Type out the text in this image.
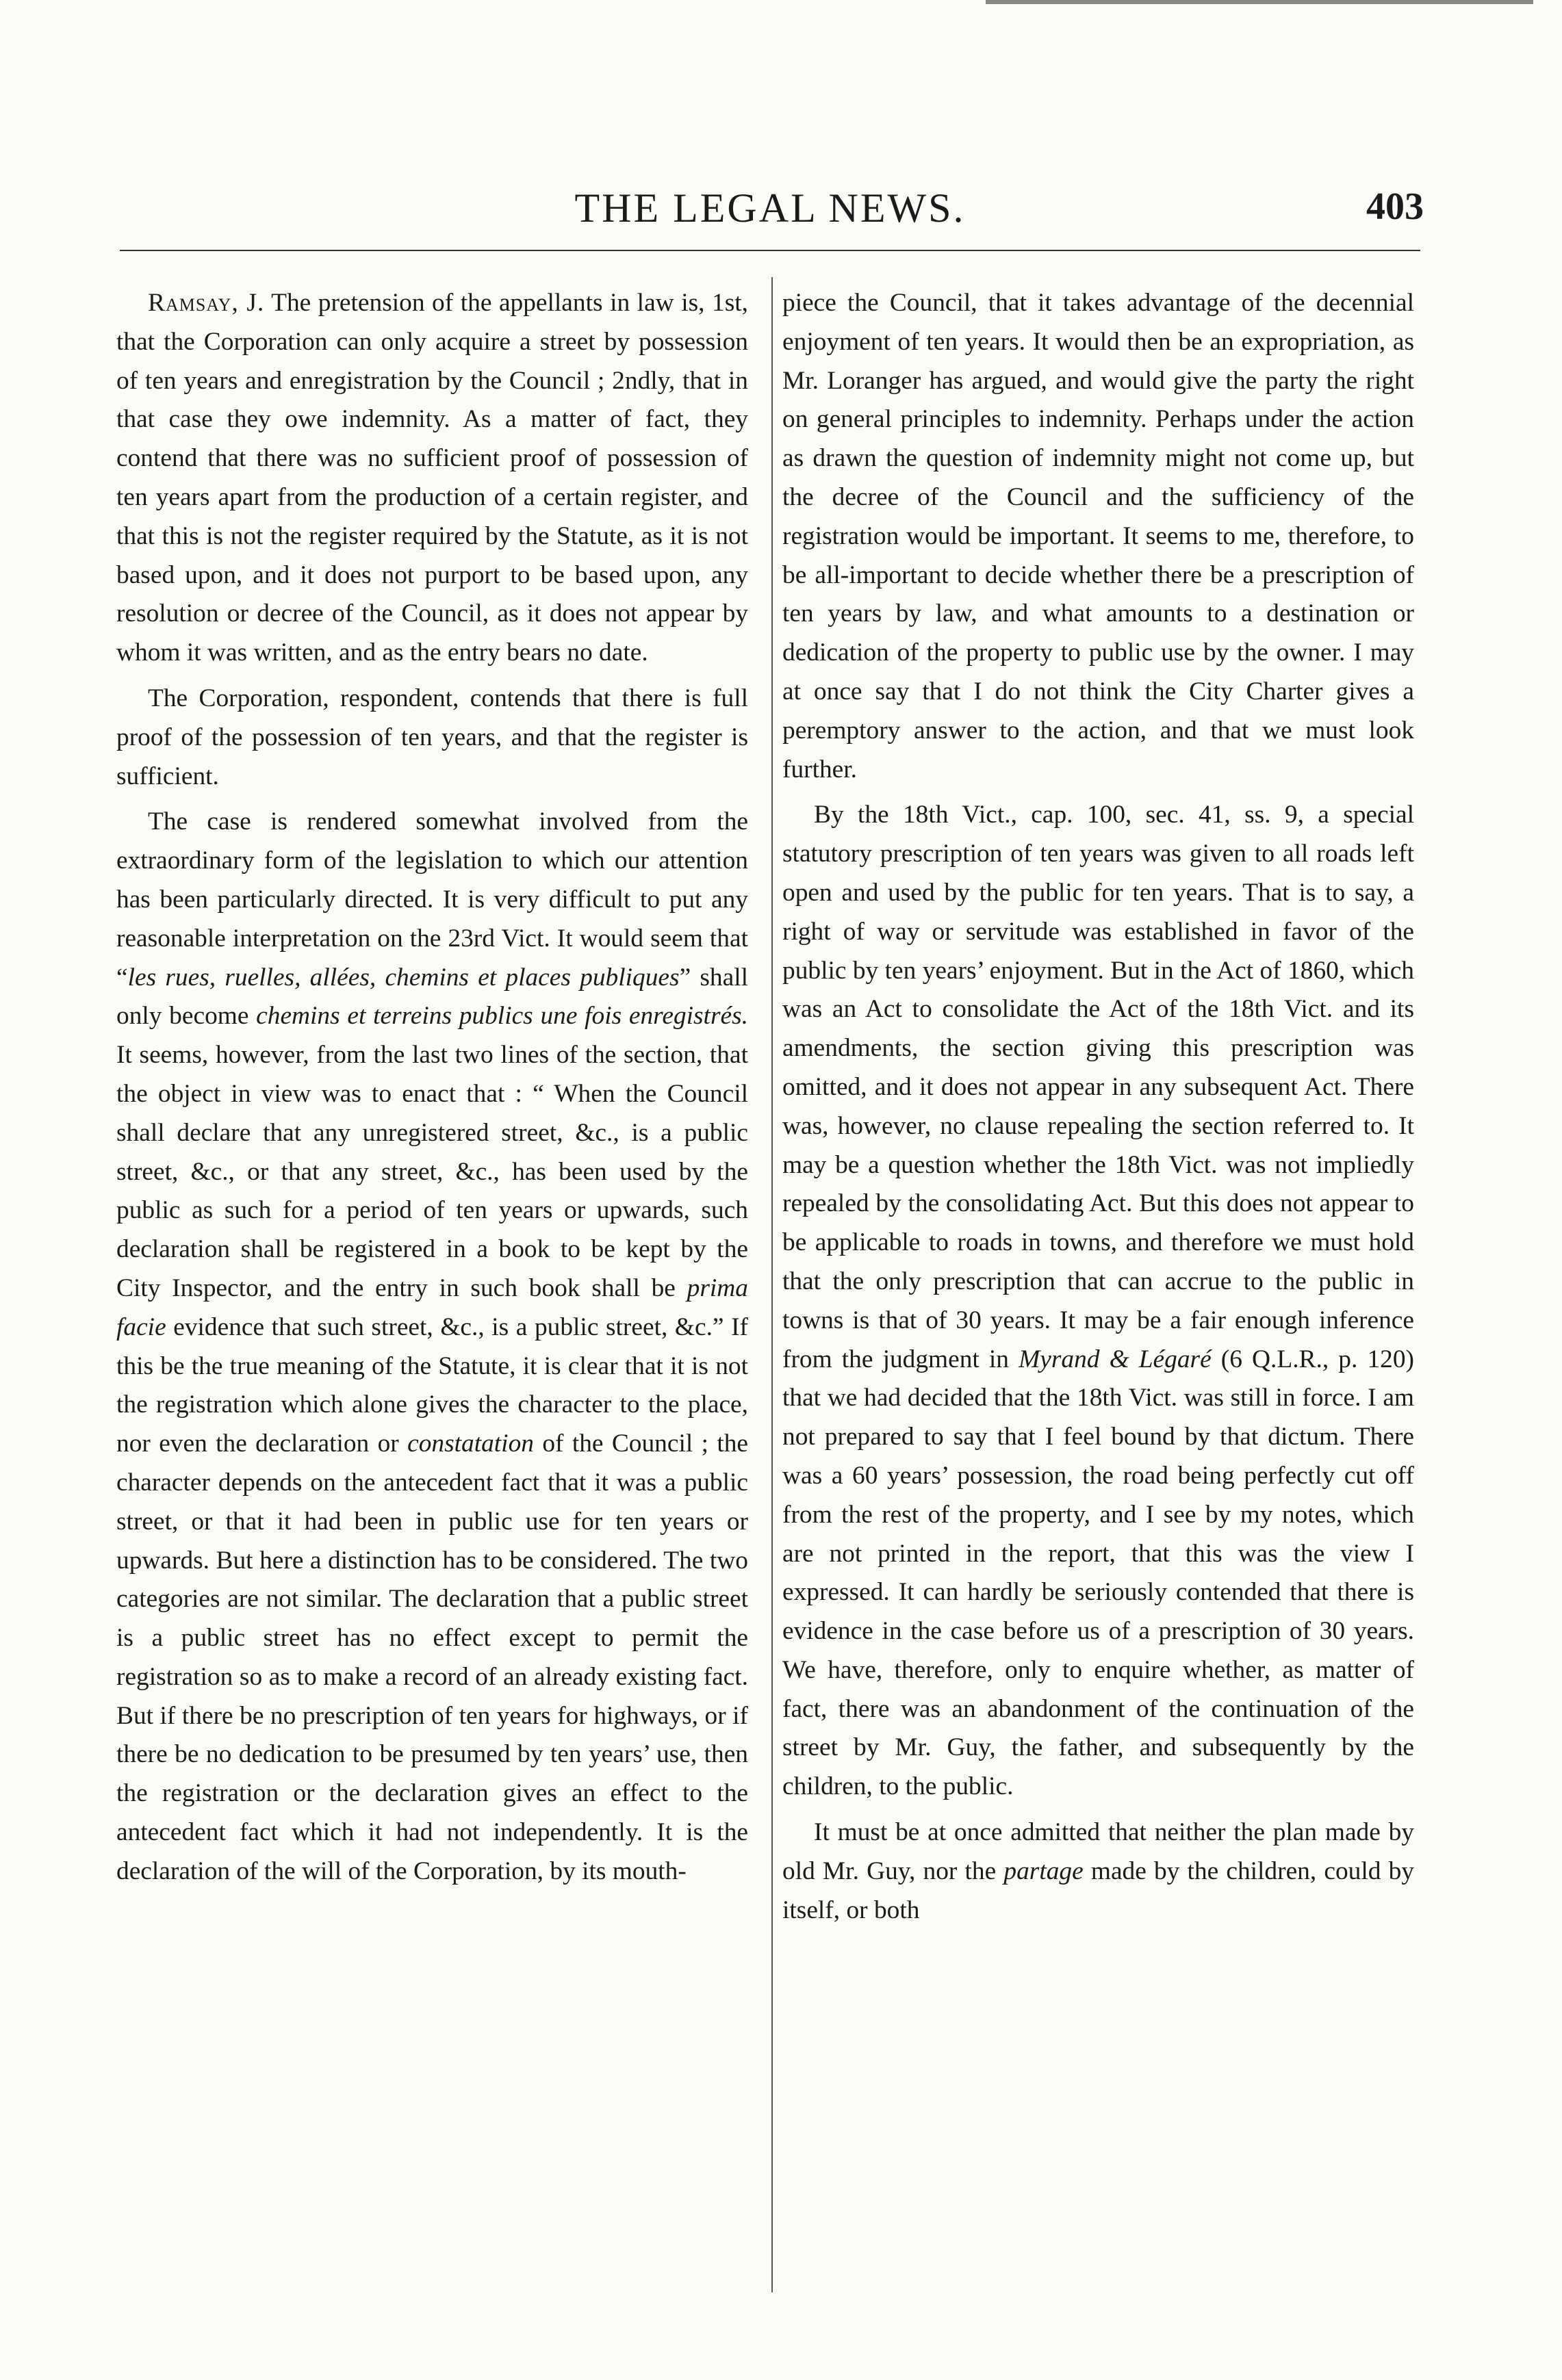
THE LEGAL NEWS.	403

Ramsay, J. The pretension of the appellants in law is, 1st, that the Corporation can only acquire a street by possession of ten years and enregistration by the Council ; 2ndly, that in that case they owe indemnity. As a matter of fact, they contend that there was no sufficient proof of possession of ten years apart from the production of a certain register, and that this is not the register required by the Statute, as it is not based upon, and it does not purport to be based upon, any resolution or decree of the Council, as it does not appear by whom it was written, and as the entry bears no date.

The Corporation, respondent, contends that there is full proof of the possession of ten years, and that the register is sufficient.

The case is rendered somewhat involved from the extraordinary form of the legislation to which our attention has been particularly directed. It is very difficult to put any reasonable interpretation on the 23rd Vict. It would seem that “les rues, ruelles, allées, chemins et places publiques” shall only become chemins et terreins publics une fois enregistrés. It seems, however, from the last two lines of the section, that the object in view was to enact that : “ When the Council shall declare that any unregistered street, &c., is a public street, &c., or that any street, &c., has been used by the public as such for a period of ten years or upwards, such declaration shall be registered in a book to be kept by the City Inspector, and the entry in such book shall be prima facie evidence that such street, &c., is a public street, &c.” If this be the true meaning of the Statute, it is clear that it is not the registration which alone gives the character to the place, nor even the declaration or constatation of the Council ; the character depends on the antecedent fact that it was a public street, or that it had been in public use for ten years or upwards. But here a distinction has to be considered. The two categories are not similar. The declaration that a public street is a public street has no effect except to permit the registration so as to make a record of an already existing fact. But if there be no prescription of ten years for highways, or if there be no dedication to be presumed by ten years’ use, then the registration or the declaration gives an effect to the antecedent fact which it had not independently. It is the declaration of the will of the Corporation, by its mouth-

piece the Council, that it takes advantage of the decennial enjoyment of ten years. It would then be an expropriation, as Mr. Loranger has argued, and would give the party the right on general principles to indemnity. Perhaps under the action as drawn the question of indemnity might not come up, but the decree of the Council and the sufficiency of the registration would be important. It seems to me, therefore, to be all-important to decide whether there be a prescription of ten years by law, and what amounts to a destination or dedication of the property to public use by the owner. I may at once say that I do not think the City Charter gives a peremptory answer to the action, and that we must look further.

By the 18th Vict., cap. 100, sec. 41, ss. 9, a special statutory prescription of ten years was given to all roads left open and used by the public for ten years. That is to say, a right of way or servitude was established in favor of the public by ten years’ enjoyment. But in the Act of 1860, which was an Act to consolidate the Act of the 18th Vict. and its amendments, the section giving this prescription was omitted, and it does not appear in any subsequent Act. There was, however, no clause repealing the section referred to. It may be a question whether the 18th Vict. was not impliedly repealed by the consolidating Act. But this does not appear to be applicable to roads in towns, and therefore we must hold that the only prescription that can accrue to the public in towns is that of 30 years. It may be a fair enough inference from the judgment in Myrand & Légaré (6 Q.L.R., p. 120) that we had decided that the 18th Vict. was still in force. I am not prepared to say that I feel bound by that dictum. There was a 60 years’ possession, the road being perfectly cut off from the rest of the property, and I see by my notes, which are not printed in the report, that this was the view I expressed. It can hardly be seriously contended that there is evidence in the case before us of a prescription of 30 years. We have, therefore, only to enquire whether, as matter of fact, there was an abandonment of the continuation of the street by Mr. Guy, the father, and subsequently by the children, to the public.

It must be at once admitted that neither the plan made by old Mr. Guy, nor the partage made by the children, could by itself, or both
